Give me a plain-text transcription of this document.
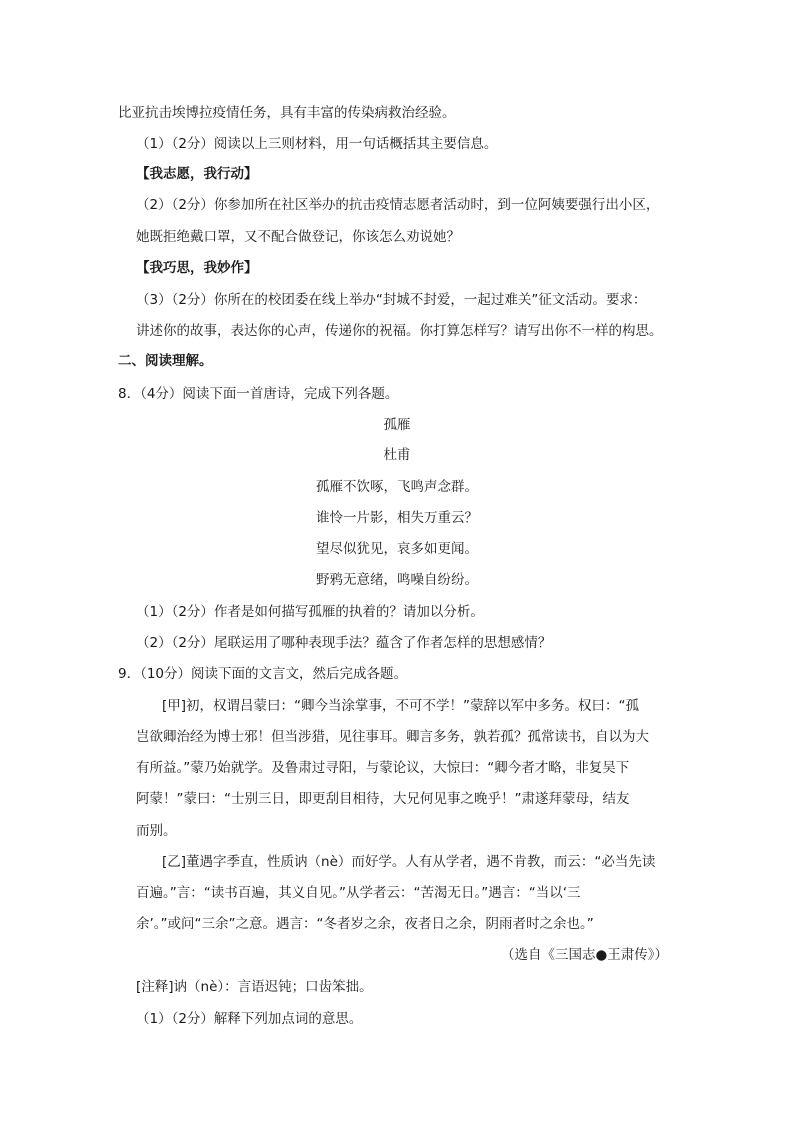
比亚抗击埃博拉疫情任务，具有丰富的传染病救治经验。
（1）（2分）阅读以上三则材料，用一句话概括其主要信息。
【我志愿，我行动】
（2）（2分）你参加所在社区举办的抗击疫情志愿者活动时，到一位阿姨要强行出小区，
她既拒绝戴口罩，又不配合做登记，你该怎么劝说她？
【我巧思，我妙作】
（3）（2分）你所在的校团委在线上举办“封城不封爱，一起过难关”征文活动。要求：
讲述你的故事，表达你的心声，传递你的祝福。你打算怎样写？请写出你不一样的构思。
二、阅读理解。
8．（4分）阅读下面一首唐诗，完成下列各题。
孤雁
杜甫
孤雁不饮啄，飞鸣声念群。
谁怜一片影，相失万重云？
望尽似犹见，哀多如更闻。
野鸦无意绪，鸣噪自纷纷。
（1）（2分）作者是如何描写孤雁的执着的？请加以分析。
（2）（2分）尾联运用了哪种表现手法？蕴含了作者怎样的思想感情？
9．（10分）阅读下面的文言文，然后完成各题。
[甲]初，权谓吕蒙曰：“卿今当涂掌事，不可不学！”蒙辞以军中多务。权曰：“孤
岂欲卿治经为博士邪！但当涉猎，见往事耳。卿言多务，孰若孤？孤常读书，自以为大
有所益。”蒙乃始就学。及鲁肃过寻阳，与蒙论议，大惊曰：“卿今者才略，非复吴下
阿蒙！”蒙曰：“士别三日，即更刮目相待，大兄何见事之晚乎！”肃遂拜蒙母，结友
而别。
[乙]董遇字季直，性质讷（nè）而好学。人有从学者，遇不肯教，而云：“必当先读
百遍。”言：“读书百遍，其义自见。”从学者云：“苦渴无日。”遇言：“当以‘三
余’。”或问“三余”之意。遇言：“冬者岁之余，夜者日之余，阴雨者时之余也。”
（选自《三国志●王肃传》）
[注释]讷（nè）：言语迟钝；口齿笨拙。
（1）（2分）解释下列加点词的意思。
